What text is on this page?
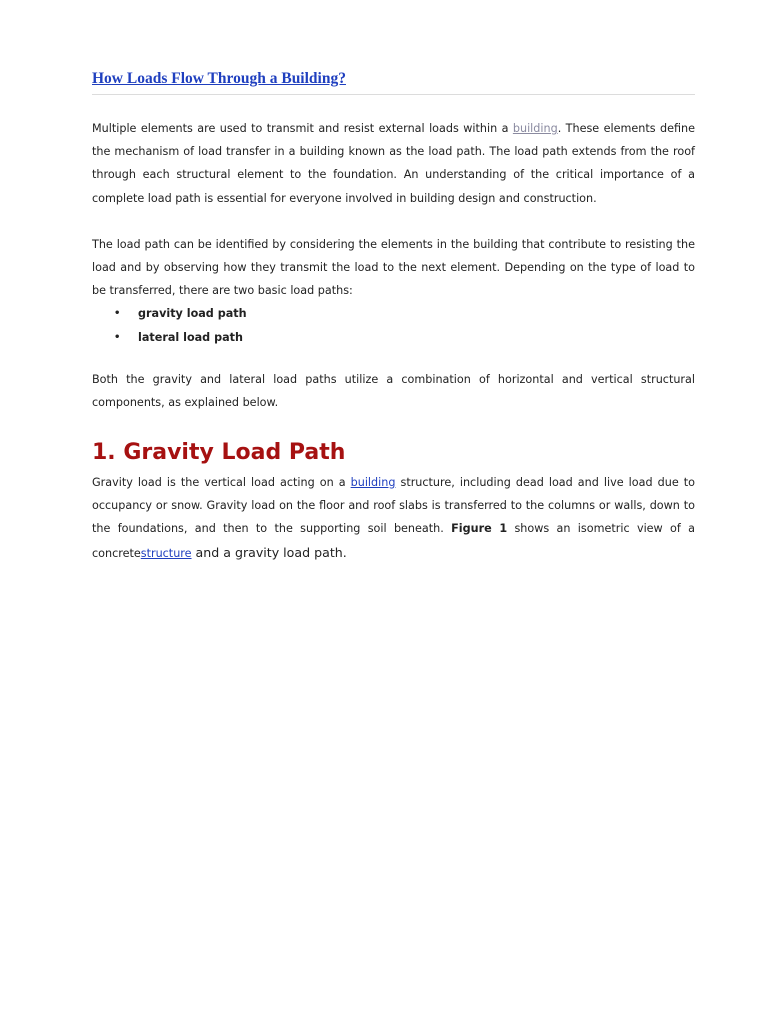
How Loads Flow Through a Building?

Multiple elements are used to transmit and resist external loads within a building. These elements define the mechanism of load transfer in a building known as the load path. The load path extends from the roof through each structural element to the foundation. An understanding of the critical importance of a complete load path is essential for everyone involved in building design and construction.

The load path can be identified by considering the elements in the building that contribute to resisting the load and by observing how they transmit the load to the next element. Depending on the type of load to be transferred, there are two basic load paths:

• gravity load path
• lateral load path

Both the gravity and lateral load paths utilize a combination of horizontal and vertical structural components, as explained below.

1. Gravity Load Path

Gravity load is the vertical load acting on a building structure, including dead load and live load due to occupancy or snow. Gravity load on the floor and roof slabs is transferred to the columns or walls, down to the foundations, and then to the supporting soil beneath. Figure 1 shows an isometric view of a concretestructure and a gravity load path.
